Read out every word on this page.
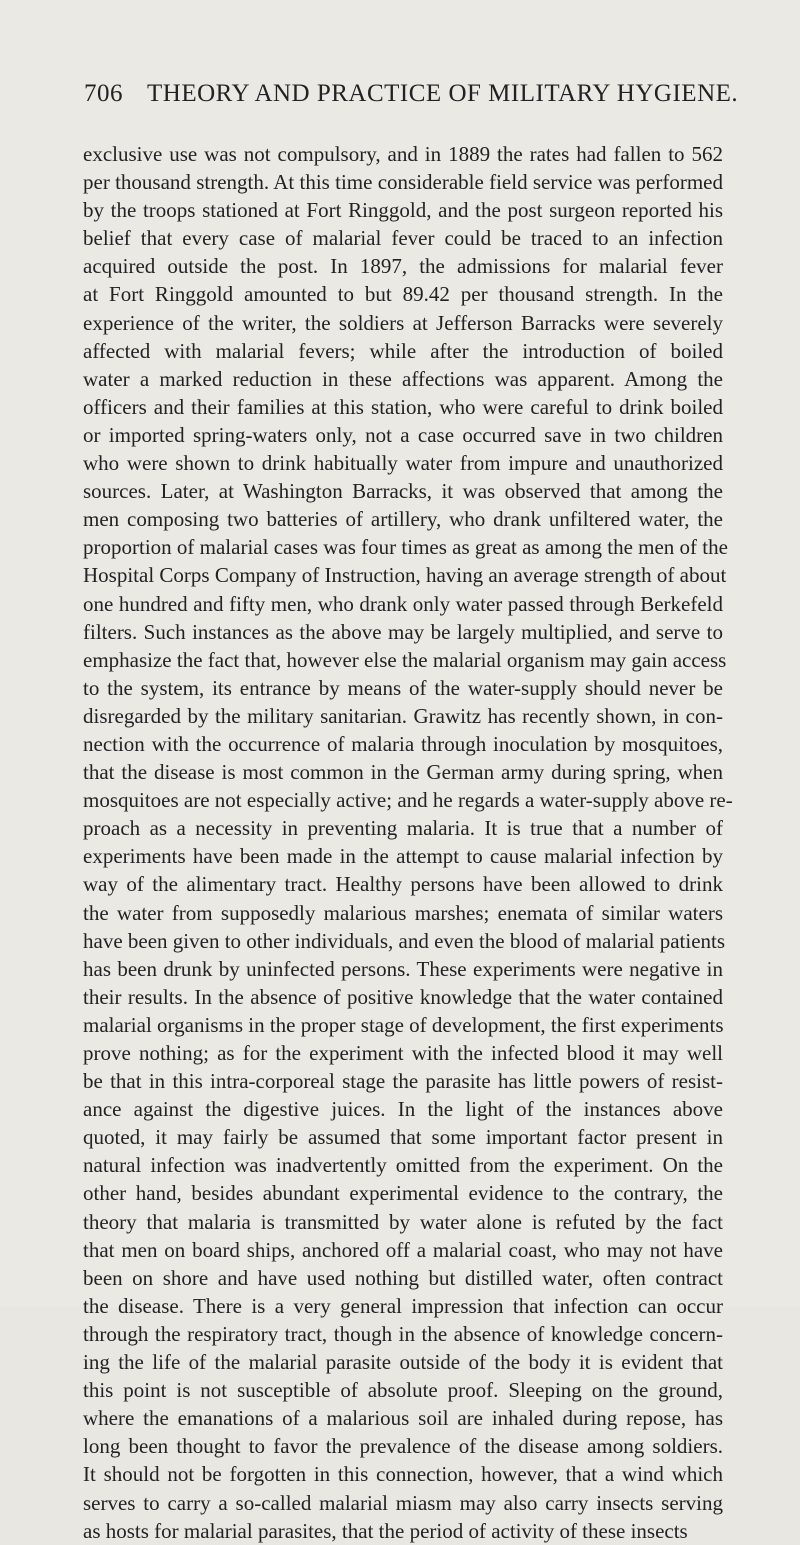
706 THEORY AND PRACTICE OF MILITARY HYGIENE.
exclusive use was not compulsory, and in 1889 the rates had fallen to 562
per thousand strength. At this time considerable field service was performed
by the troops stationed at Fort Ringgold, and the post surgeon reported his
belief that every case of malarial fever could be traced to an infection
acquired outside the post. In 1897, the admissions for malarial fever
at Fort Ringgold amounted to but 89.42 per thousand strength. In the
experience of the writer, the soldiers at Jefferson Barracks were severely
affected with malarial fevers; while after the introduction of boiled
water a marked reduction in these affections was apparent. Among the
officers and their families at this station, who were careful to drink boiled
or imported spring-waters only, not a case occurred save in two children
who were shown to drink habitually water from impure and unauthorized
sources. Later, at Washington Barracks, it was observed that among the
men composing two batteries of artillery, who drank unfiltered water, the
proportion of malarial cases was four times as great as among the men of the
Hospital Corps Company of Instruction, having an average strength of about
one hundred and fifty men, who drank only water passed through Berkefeld
filters. Such instances as the above may be largely multiplied, and serve to
emphasize the fact that, however else the malarial organism may gain access
to the system, its entrance by means of the water-supply should never be
disregarded by the military sanitarian. Grawitz has recently shown, in con-
nection with the occurrence of malaria through inoculation by mosquitoes,
that the disease is most common in the German army during spring, when
mosquitoes are not especially active; and he regards a water-supply above re-
proach as a necessity in preventing malaria. It is true that a number of
experiments have been made in the attempt to cause malarial infection by
way of the alimentary tract. Healthy persons have been allowed to drink
the water from supposedly malarious marshes; enemata of similar waters
have been given to other individuals, and even the blood of malarial patients
has been drunk by uninfected persons. These experiments were negative in
their results. In the absence of positive knowledge that the water contained
malarial organisms in the proper stage of development, the first experiments
prove nothing; as for the experiment with the infected blood it may well
be that in this intra-corporeal stage the parasite has little powers of resist-
ance against the digestive juices. In the light of the instances above
quoted, it may fairly be assumed that some important factor present in
natural infection was inadvertently omitted from the experiment. On the
other hand, besides abundant experimental evidence to the contrary, the
theory that malaria is transmitted by water alone is refuted by the fact
that men on board ships, anchored off a malarial coast, who may not have
been on shore and have used nothing but distilled water, often contract
the disease. There is a very general impression that infection can occur
through the respiratory tract, though in the absence of knowledge concern-
ing the life of the malarial parasite outside of the body it is evident that
this point is not susceptible of absolute proof. Sleeping on the ground,
where the emanations of a malarious soil are inhaled during repose, has
long been thought to favor the prevalence of the disease among soldiers.
It should not be forgotten in this connection, however, that a wind which
serves to carry a so-called malarial miasm may also carry insects serving
as hosts for malarial parasites, that the period of activity of these insects
